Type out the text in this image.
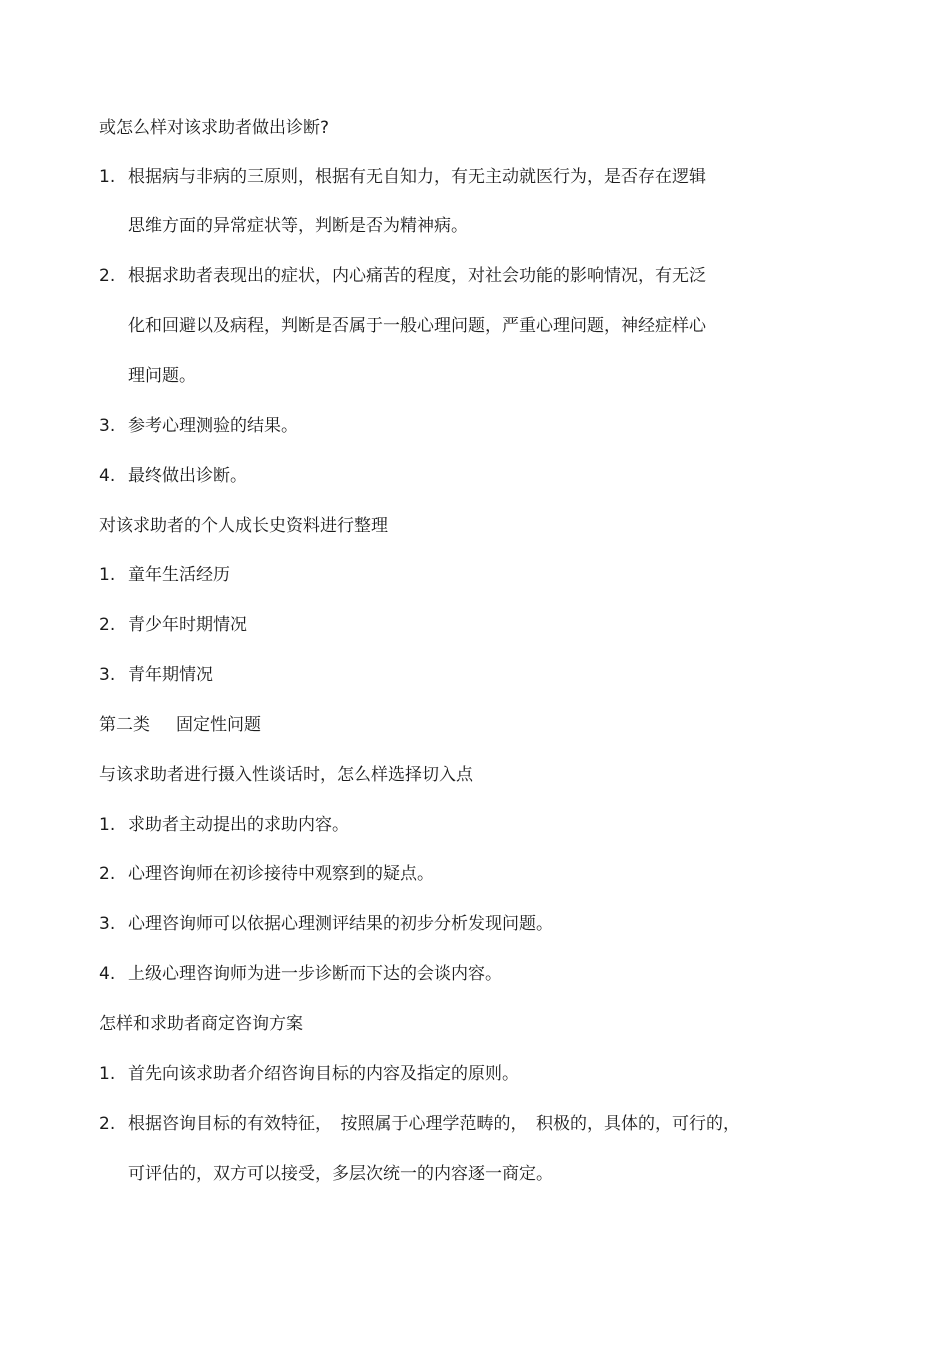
或怎么样对该求助者做出诊断?
1. 根据病与非病的三原则，根据有无自知力，有无主动就医行为，是否存在逻辑
思维方面的异常症状等，判断是否为精神病。
2. 根据求助者表现出的症状，内心痛苦的程度，对社会功能的影响情况，有无泛
化和回避以及病程，判断是否属于一般心理问题，严重心理问题，神经症样心
理问题。
3. 参考心理测验的结果。
4. 最终做出诊断。
对该求助者的个人成长史资料进行整理
1. 童年生活经历
2. 青少年时期情况
3. 青年期情况
第二类 固定性问题
与该求助者进行摄入性谈话时，怎么样选择切入点
1. 求助者主动提出的求助内容。
2. 心理咨询师在初诊接待中观察到的疑点。
3. 心理咨询师可以依据心理测评结果的初步分析发现问题。
4. 上级心理咨询师为进一步诊断而下达的会谈内容。
怎样和求助者商定咨询方案
1. 首先向该求助者介绍咨询目标的内容及指定的原则。
2. 根据咨询目标的有效特征，　按照属于心理学范畴的，　积极的，具体的，可行的，
可评估的，双方可以接受，多层次统一的内容逐一商定。
